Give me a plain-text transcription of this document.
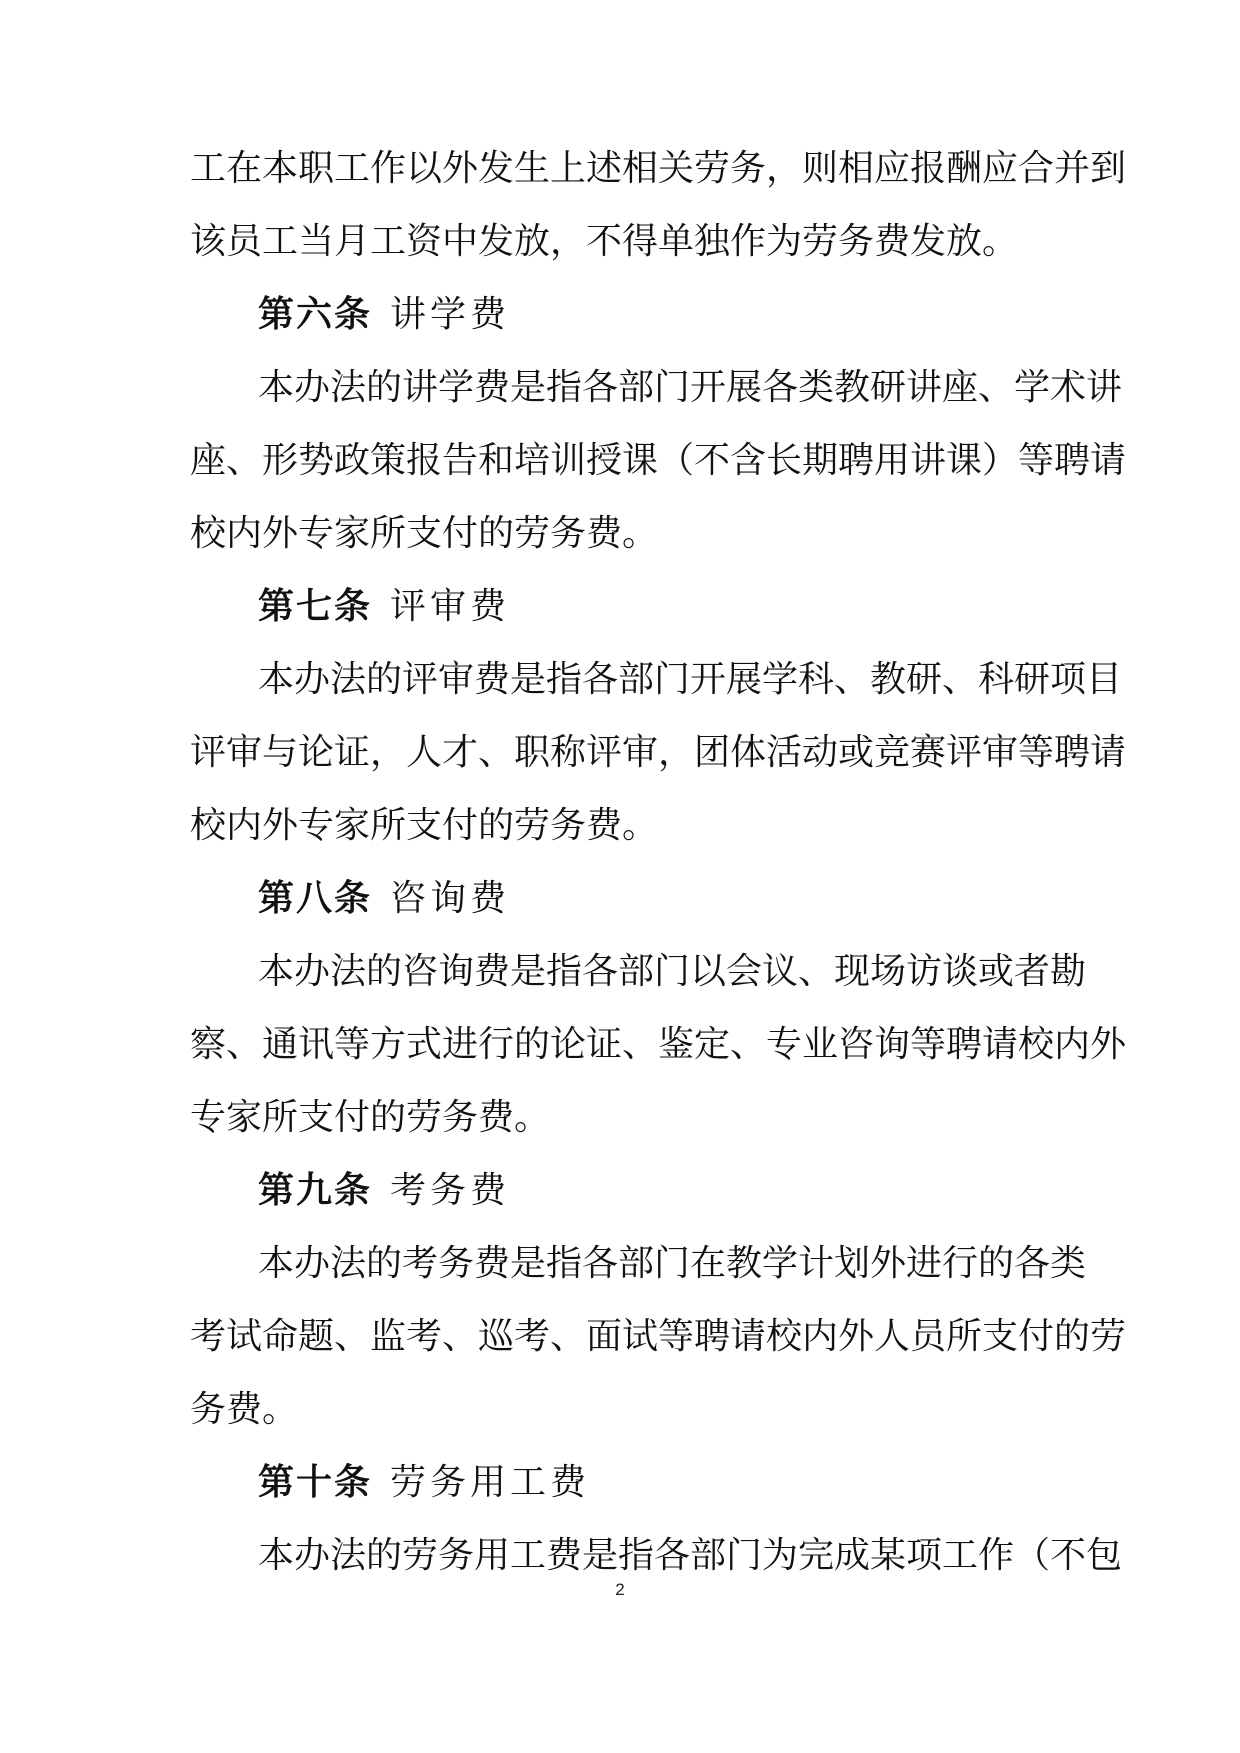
工在本职工作以外发生上述相关劳务，则相应报酬应合并到

该员工当月工资中发放，不得单独作为劳务费发放。

第六条 讲学费

本办法的讲学费是指各部门开展各类教研讲座、学术讲

座、形势政策报告和培训授课（不含长期聘用讲课）等聘请

校内外专家所支付的劳务费。

第七条 评审费

本办法的评审费是指各部门开展学科、教研、科研项目

评审与论证，人才、职称评审，团体活动或竞赛评审等聘请

校内外专家所支付的劳务费。

第八条 咨询费

本办法的咨询费是指各部门以会议、现场访谈或者勘

察、通讯等方式进行的论证、鉴定、专业咨询等聘请校内外

专家所支付的劳务费。

第九条 考务费

本办法的考务费是指各部门在教学计划外进行的各类

考试命题、监考、巡考、面试等聘请校内外人员所支付的劳

务费。

第十条 劳务用工费

本办法的劳务用工费是指各部门为完成某项工作（不包

2
